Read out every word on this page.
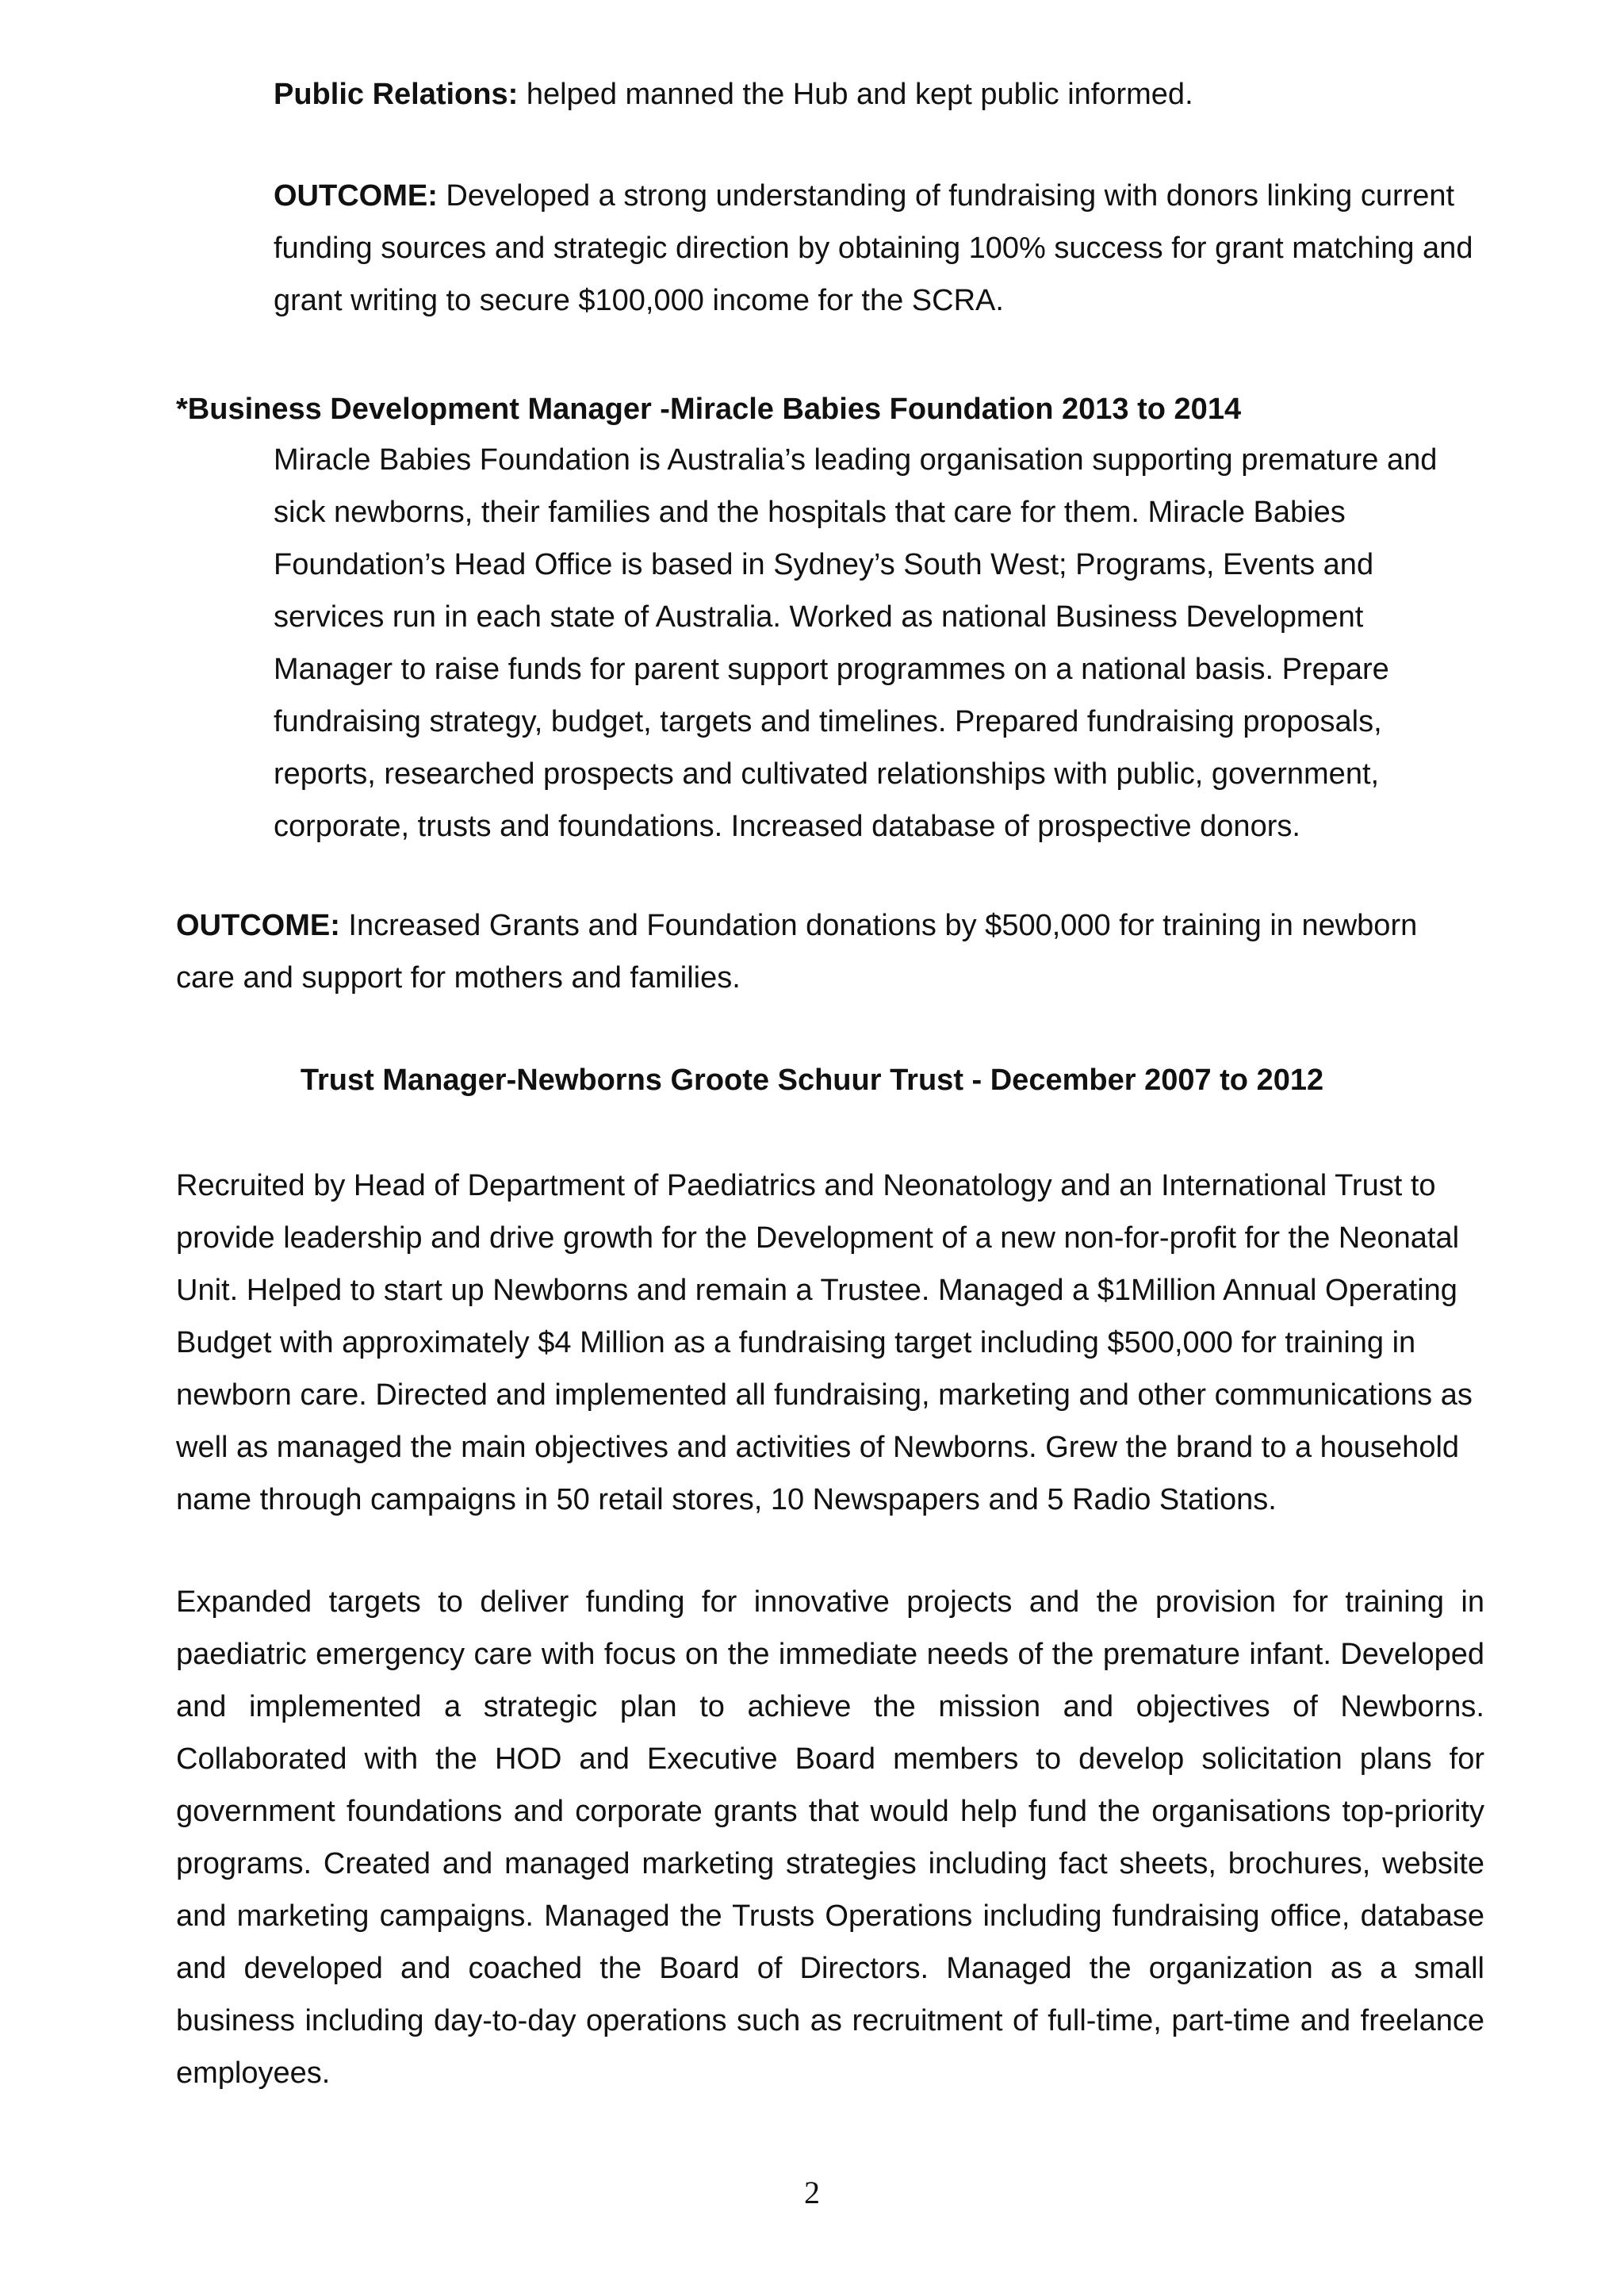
Public Relations: helped manned the Hub and kept public informed.

OUTCOME: Developed a strong understanding of fundraising with donors linking current funding sources and strategic direction by obtaining 100% success for grant matching and grant writing to secure $100,000 income for the SCRA.

*Business Development Manager -Miracle Babies Foundation 2013 to 2014

Miracle Babies Foundation is Australia’s leading organisation supporting premature and sick newborns, their families and the hospitals that care for them. Miracle Babies Foundation’s Head Office is based in Sydney’s South West; Programs, Events and services run in each state of Australia. Worked as national Business Development Manager to raise funds for parent support programmes on a national basis. Prepare fundraising strategy, budget, targets and timelines. Prepared fundraising proposals, reports, researched prospects and cultivated relationships with public, government, corporate, trusts and foundations. Increased database of prospective donors.

OUTCOME: Increased Grants and Foundation donations by $500,000 for training in newborn care and support for mothers and families.

Trust Manager-Newborns Groote Schuur Trust - December 2007 to 2012

Recruited by Head of Department of Paediatrics and Neonatology and an International Trust to provide leadership and drive growth for the Development of a new non-for-profit for the Neonatal Unit. Helped to start up Newborns and remain a Trustee. Managed a $1Million Annual Operating Budget with approximately $4 Million as a fundraising target including $500,000 for training in newborn care. Directed and implemented all fundraising, marketing and other communications as well as managed the main objectives and activities of Newborns. Grew the brand to a household name through campaigns in 50 retail stores, 10 Newspapers and 5 Radio Stations.

Expanded targets to deliver funding for innovative projects and the provision for training in paediatric emergency care with focus on the immediate needs of the premature infant. Developed and implemented a strategic plan to achieve the mission and objectives of Newborns. Collaborated with the HOD and Executive Board members to develop solicitation plans for government foundations and corporate grants that would help fund the organisations top-priority programs. Created and managed marketing strategies including fact sheets, brochures, website and marketing campaigns. Managed the Trusts Operations including fundraising office, database and developed and coached the Board of Directors. Managed the organization as a small business including day-to-day operations such as recruitment of full-time, part-time and freelance employees.

2
